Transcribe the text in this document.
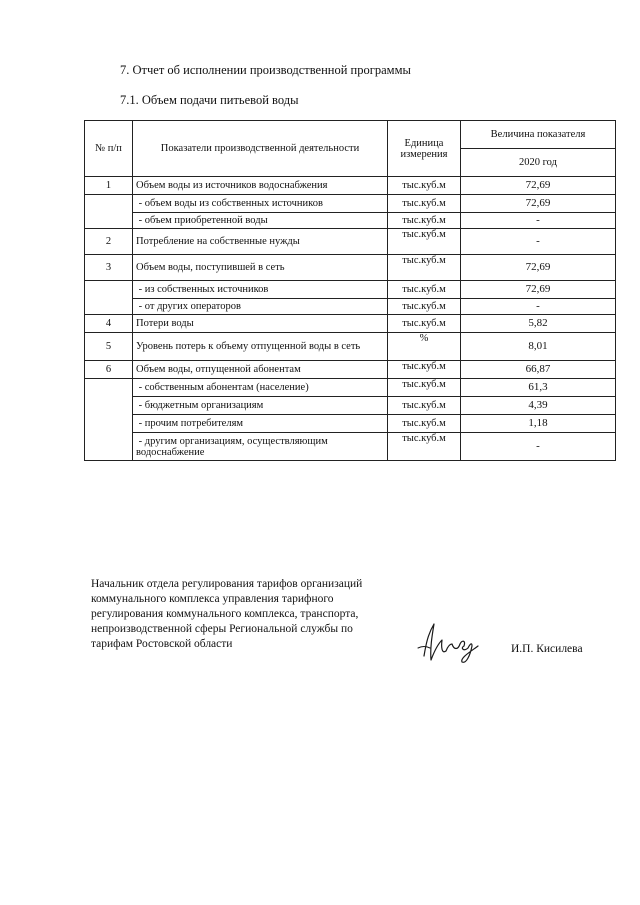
7. Отчет об исполнении производственной программы
7.1. Объем подачи питьевой воды
№ п/п	Показатели производственной деятельности	Единица измерения	Величина показателя
			2020 год
1	Объем воды из источников водоснабжения	тыс.куб.м	72,69
	- объем воды из собственных источников	тыс.куб.м	72,69
	- объем приобретенной воды	тыс.куб.м	-
2	Потребление на собственные нужды	тыс.куб.м	-
3	Объем воды, поступившей в сеть	тыс.куб.м	72,69
	- из собственных источников	тыс.куб.м	72,69
	- от других операторов	тыс.куб.м	-
4	Потери воды	тыс.куб.м	5,82
5	Уровень потерь к объему отпущенной воды в сеть	%	8,01
6	Объем воды, отпущенной абонентам	тыс.куб.м	66,87
	- собственным абонентам (население)	тыс.куб.м	61,3
	- бюджетным организациям	тыс.куб.м	4,39
	- прочим потребителям	тыс.куб.м	1,18
	- другим организациям, осуществляющим водоснабжение	тыс.куб.м	-
Начальник отдела регулирования тарифов организаций
коммунального комплекса управления тарифного
регулирования коммунального комплекса, транспорта,
непроизводственной сферы Региональной службы по
тарифам Ростовской области	И.П. Кисилева
